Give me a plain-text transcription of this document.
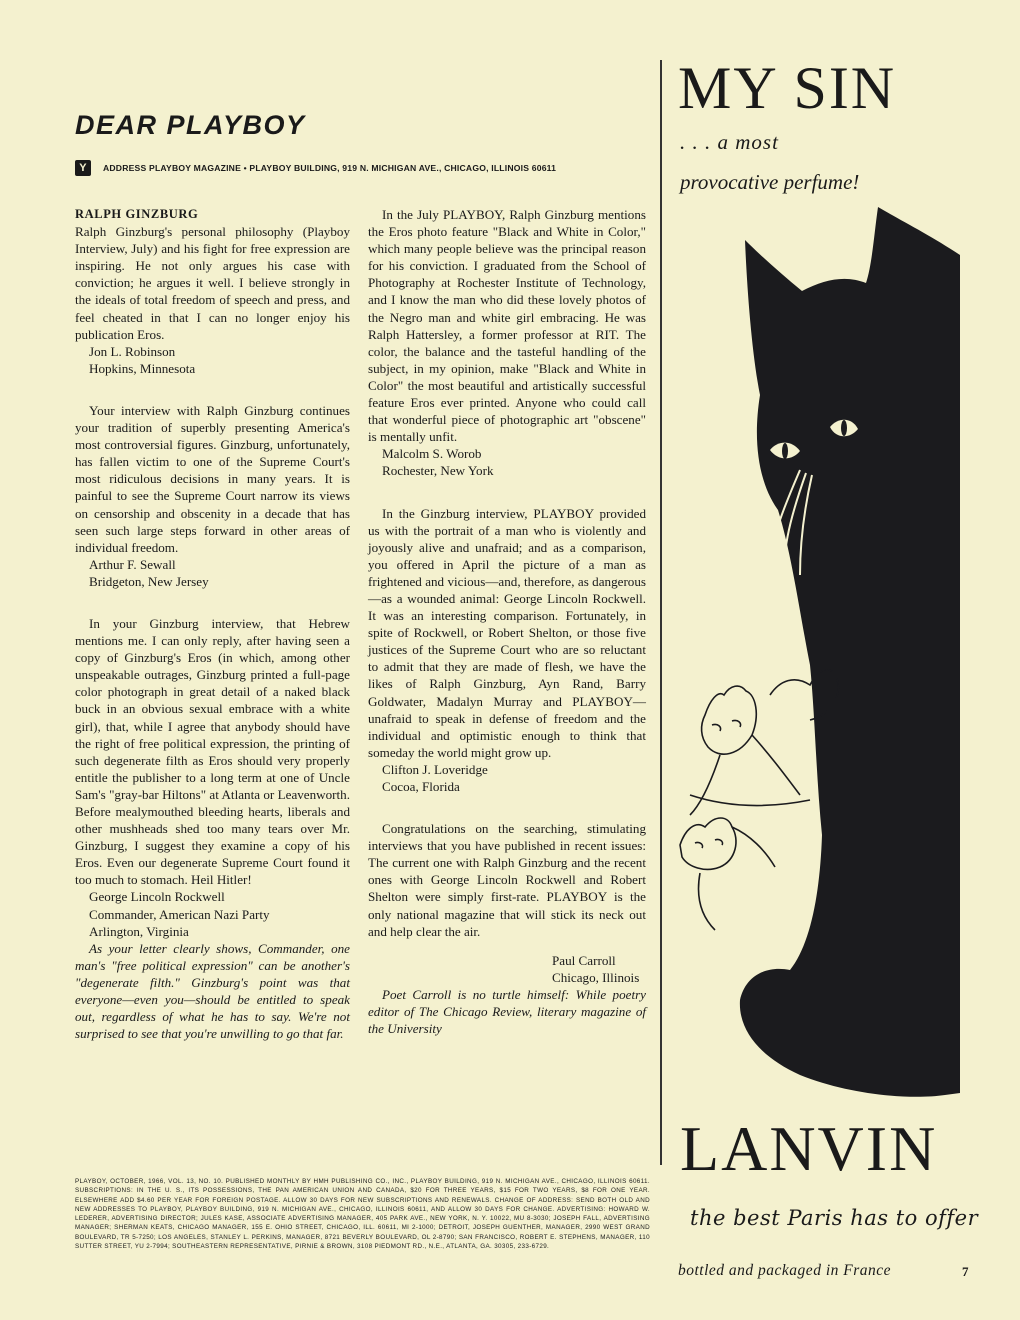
DEAR PLAYBOY
Y	ADDRESS PLAYBOY MAGAZINE • PLAYBOY BUILDING, 919 N. MICHIGAN AVE., CHICAGO, ILLINOIS 60611

RALPH GINZBURG

Ralph Ginzburg's personal philosophy (Playboy Interview, July) and his fight for free expression are inspiring. He not only argues his case with conviction; he argues it well. I believe strongly in the ideals of total freedom of speech and press, and feel cheated in that I can no longer enjoy his publication Eros.

Jon L. Robinson

Hopkins, Minnesota

Your interview with Ralph Ginzburg continues your tradition of superbly presenting America's most controversial figures. Ginzburg, unfortunately, has fallen victim to one of the Supreme Court's most ridiculous decisions in many years. It is painful to see the Supreme Court narrow its views on censorship and obscenity in a decade that has seen such large steps forward in other areas of individual freedom.

Arthur F. Sewall

Bridgeton, New Jersey

In your Ginzburg interview, that Hebrew mentions me. I can only reply, after having seen a copy of Ginzburg's Eros (in which, among other unspeakable outrages, Ginzburg printed a full-page color photograph in great detail of a naked black buck in an obvious sexual embrace with a white girl), that, while I agree that anybody should have the right of free political expression, the printing of such degenerate filth as Eros should very properly entitle the publisher to a long term at one of Uncle Sam's "gray-bar Hiltons" at Atlanta or Leavenworth. Before mealymouthed bleeding hearts, liberals and other mushheads shed too many tears over Mr. Ginzburg, I suggest they examine a copy of his Eros. Even our degenerate Supreme Court found it too much to stomach. Heil Hitler!

George Lincoln Rockwell

Commander, American Nazi Party

Arlington, Virginia

As your letter clearly shows, Commander, one man's "free political expression" can be another's "degenerate filth." Ginzburg's point was that everyone—even you—should be entitled to speak out, regardless of what he has to say. We're not surprised to see that you're unwilling to go that far.

In the July PLAYBOY, Ralph Ginzburg mentions the Eros photo feature "Black and White in Color," which many people believe was the principal reason for his conviction. I graduated from the School of Photography at Rochester Institute of Technology, and I know the man who did these lovely photos of the Negro man and white girl embracing. He was Ralph Hattersley, a former professor at RIT. The color, the balance and the tasteful handling of the subject, in my opinion, make "Black and White in Color" the most beautiful and artistically successful feature Eros ever printed. Anyone who could call that wonderful piece of photographic art "obscene" is mentally unfit.

Malcolm S. Worob

Rochester, New York

In the Ginzburg interview, PLAYBOY provided us with the portrait of a man who is violently and joyously alive and unafraid; and as a comparison, you offered in April the picture of a man as frightened and vicious—and, therefore, as dangerous—as a wounded animal: George Lincoln Rockwell. It was an interesting comparison. Fortunately, in spite of Rockwell, or Robert Shelton, or those five justices of the Supreme Court who are so reluctant to admit that they are made of flesh, we have the likes of Ralph Ginzburg, Ayn Rand, Barry Goldwater, Madalyn Murray and PLAYBOY—unafraid to speak in defense of freedom and the individual and optimistic enough to think that someday the world might grow up.

Clifton J. Loveridge

Cocoa, Florida

Congratulations on the searching, stimulating interviews that you have published in recent issues: The current one with Ralph Ginzburg and the recent ones with George Lincoln Rockwell and Robert Shelton were simply first-rate. PLAYBOY is the only national magazine that will stick its neck out and help clear the air.

Paul Carroll

Chicago, Illinois

Poet Carroll is no turtle himself: While poetry editor of The Chicago Review, literary magazine of the University

PLAYBOY, OCTOBER, 1966, VOL. 13, NO. 10. PUBLISHED MONTHLY BY HMH PUBLISHING CO., INC., PLAYBOY BUILDING, 919 N. MICHIGAN AVE., CHICAGO, ILLINOIS 60611. SUBSCRIPTIONS: IN THE U. S., ITS POSSESSIONS, THE PAN AMERICAN UNION AND CANADA, $20 FOR THREE YEARS, $15 FOR TWO YEARS, $8 FOR ONE YEAR. ELSEWHERE ADD $4.60 PER YEAR FOR FOREIGN POSTAGE. ALLOW 30 DAYS FOR NEW SUBSCRIPTIONS AND RENEWALS. CHANGE OF ADDRESS: SEND BOTH OLD AND NEW ADDRESSES TO PLAYBOY, PLAYBOY BUILDING, 919 N. MICHIGAN AVE., CHICAGO, ILLINOIS 60611, AND ALLOW 30 DAYS FOR CHANGE. ADVERTISING: HOWARD W. LEDERER, ADVERTISING DIRECTOR; JULES KASE, ASSOCIATE ADVERTISING MANAGER, 405 PARK AVE., NEW YORK, N. Y. 10022, MU 8-3030; JOSEPH FALL, ADVERTISING MANAGER; SHERMAN KEATS, CHICAGO MANAGER, 155 E. OHIO STREET, CHICAGO, ILL. 60611, MI 2-1000; DETROIT, JOSEPH GUENTHER, MANAGER, 2990 WEST GRAND BOULEVARD, TR 5-7250; LOS ANGELES, STANLEY L. PERKINS, MANAGER, 8721 BEVERLY BOULEVARD, OL 2-8790; SAN FRANCISCO, ROBERT E. STEPHENS, MANAGER, 110 SUTTER STREET, YU 2-7994; SOUTHEASTERN REPRESENTATIVE, PIRNIE & BROWN, 3108 PIEDMONT RD., N.E., ATLANTA, GA. 30305, 233-6729.

MY SIN
. . . a most
provocative perfume!
LANVIN
the best Paris has to offer
bottled and packaged in France	7
